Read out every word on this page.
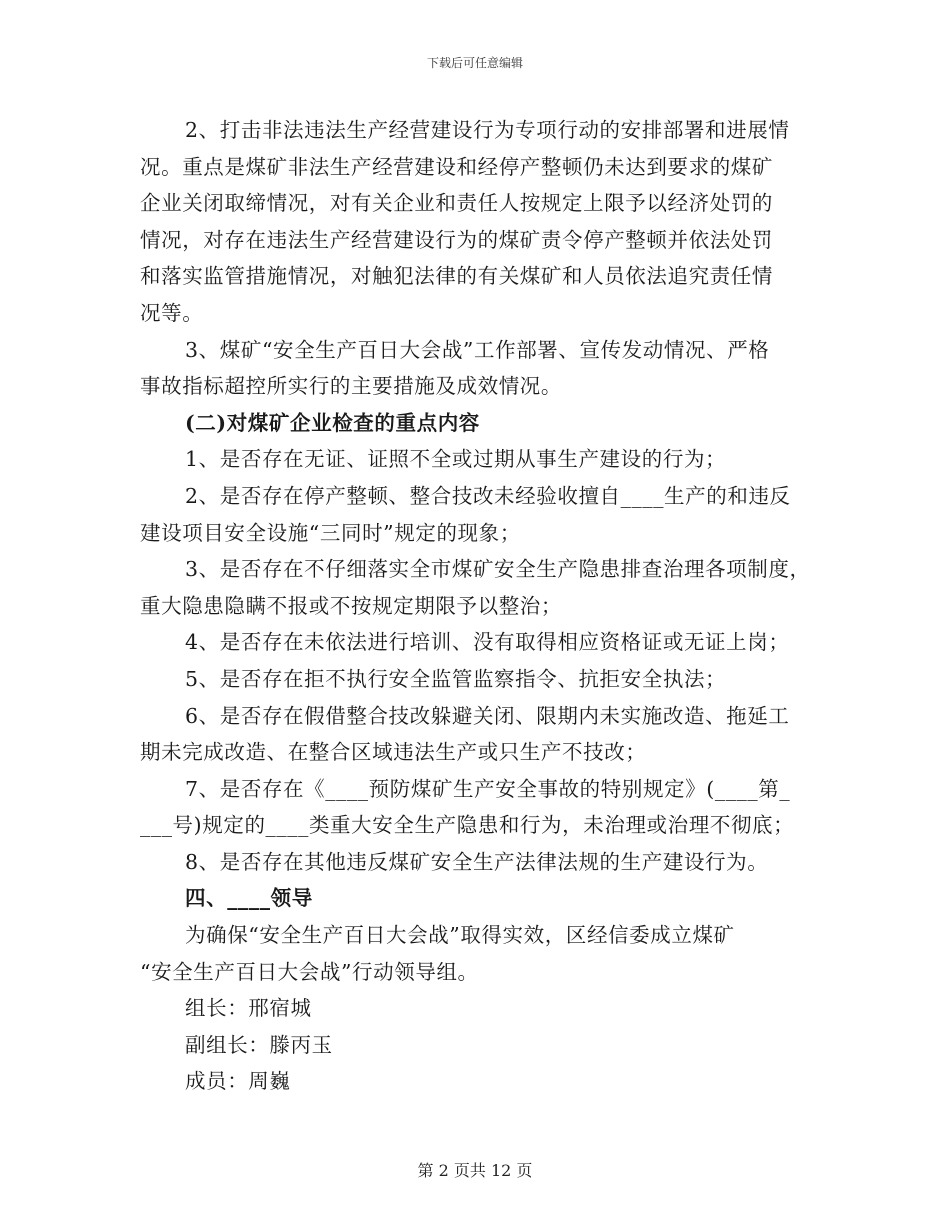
下载后可任意编辑

2、打击非法违法生产经营建设行为专项行动的安排部署和进展情

况。重点是煤矿非法生产经营建设和经停产整顿仍未达到要求的煤矿

企业关闭取缔情况，对有关企业和责任人按规定上限予以经济处罚的

情况，对存在违法生产经营建设行为的煤矿责令停产整顿并依法处罚

和落实监管措施情况，对触犯法律的有关煤矿和人员依法追究责任情

况等。

3、煤矿“安全生产百日大会战”工作部署、宣传发动情况、严格

事故指标超控所实行的主要措施及成效情况。

(二)对煤矿企业检查的重点内容

1、是否存在无证、证照不全或过期从事生产建设的行为；

2、是否存在停产整顿、整合技改未经验收擅自____生产的和违反

建设项目安全设施“三同时”规定的现象；

3、是否存在不仔细落实全市煤矿安全生产隐患排查治理各项制度，

重大隐患隐瞒不报或不按规定期限予以整治；

4、是否存在未依法进行培训、没有取得相应资格证或无证上岗；

5、是否存在拒不执行安全监管监察指令、抗拒安全执法；

6、是否存在假借整合技改躲避关闭、限期内未实施改造、拖延工

期未完成改造、在整合区域违法生产或只生产不技改；

7、是否存在《____预防煤矿生产安全事故的特别规定》(____第_

___号)规定的____类重大安全生产隐患和行为，未治理或治理不彻底；

8、是否存在其他违反煤矿安全生产法律法规的生产建设行为。

四、____领导

为确保“安全生产百日大会战”取得实效，区经信委成立煤矿

“安全生产百日大会战”行动领导组。

组长：邢宿城

副组长：滕丙玉

成员：周巍

第 2 页共 12 页
